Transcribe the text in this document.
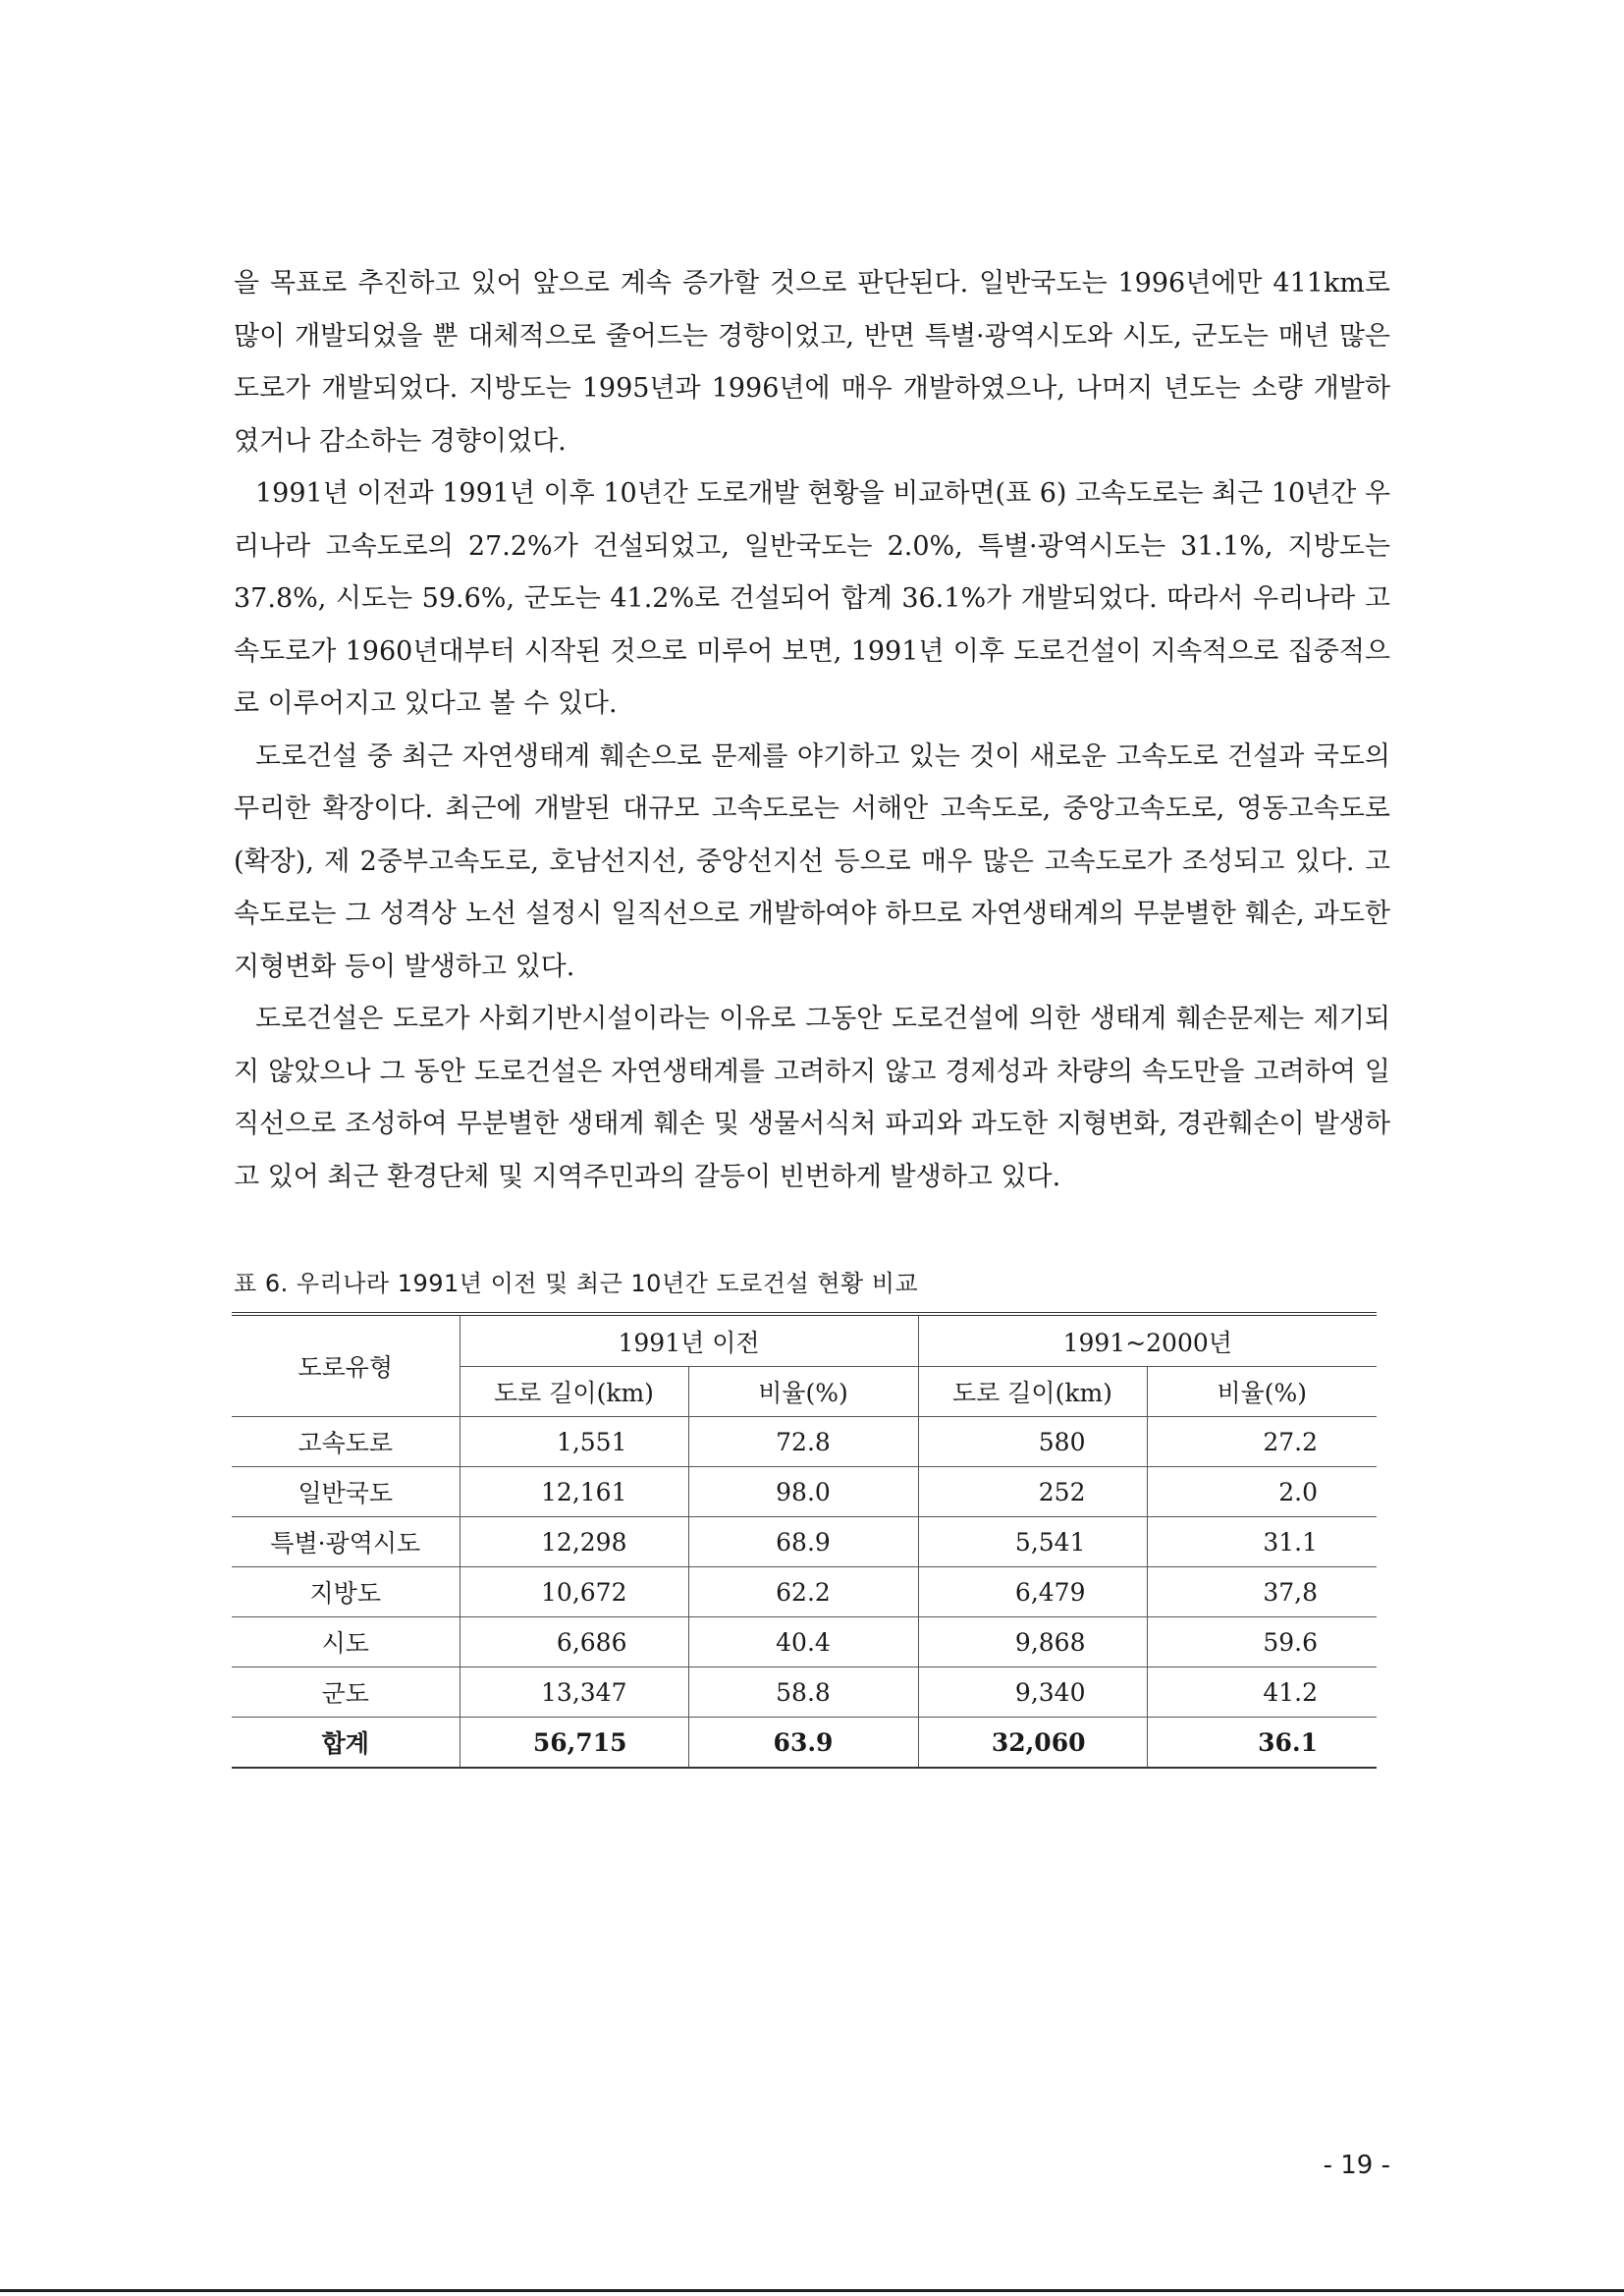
을 목표로 추진하고 있어 앞으로 계속 증가할 것으로 판단된다. 일반국도는 1996년에만 411km로 많이 개발되었을 뿐 대체적으로 줄어드는 경향이었고, 반면 특별·광역시도와 시도, 군도는 매년 많은 도로가 개발되었다. 지방도는 1995년과 1996년에 매우 개발하였으나, 나머지 년도는 소량 개발하였거나 감소하는 경향이었다.

1991년 이전과 1991년 이후 10년간 도로개발 현황을 비교하면(표 6) 고속도로는 최근 10년간 우리나라 고속도로의 27.2%가 건설되었고, 일반국도는 2.0%, 특별·광역시도는 31.1%, 지방도는 37.8%, 시도는 59.6%, 군도는 41.2%로 건설되어 합계 36.1%가 개발되었다. 따라서 우리나라 고속도로가 1960년대부터 시작된 것으로 미루어 보면, 1991년 이후 도로건설이 지속적으로 집중적으로 이루어지고 있다고 볼 수 있다.

도로건설 중 최근 자연생태계 훼손으로 문제를 야기하고 있는 것이 새로운 고속도로 건설과 국도의 무리한 확장이다. 최근에 개발된 대규모 고속도로는 서해안 고속도로, 중앙고속도로, 영동고속도로(확장), 제 2중부고속도로, 호남선지선, 중앙선지선 등으로 매우 많은 고속도로가 조성되고 있다. 고속도로는 그 성격상 노선 설정시 일직선으로 개발하여야 하므로 자연생태계의 무분별한 훼손, 과도한 지형변화 등이 발생하고 있다.

도로건설은 도로가 사회기반시설이라는 이유로 그동안 도로건설에 의한 생태계 훼손문제는 제기되지 않았으나 그 동안 도로건설은 자연생태계를 고려하지 않고 경제성과 차량의 속도만을 고려하여 일직선으로 조성하여 무분별한 생태계 훼손 및 생물서식처 파괴와 과도한 지형변화, 경관훼손이 발생하고 있어 최근 환경단체 및 지역주민과의 갈등이 빈번하게 발생하고 있다.

표 6. 우리나라 1991년 이전 및 최근 10년간 도로건설 현황 비교
도로유형	1991년 이전		1991~2000년	
	도로 길이(km)	비율(%)	도로 길이(km)	비율(%)
고속도로	1,551	72.8	580	27.2
일반국도	12,161	98.0	252	2.0
특별·광역시도	12,298	68.9	5,541	31.1
지방도	10,672	62.2	6,479	37,8
시도	6,686	40.4	9,868	59.6
군도	13,347	58.8	9,340	41.2
합계	56,715	63.9	32,060	36.1
- 19 -
